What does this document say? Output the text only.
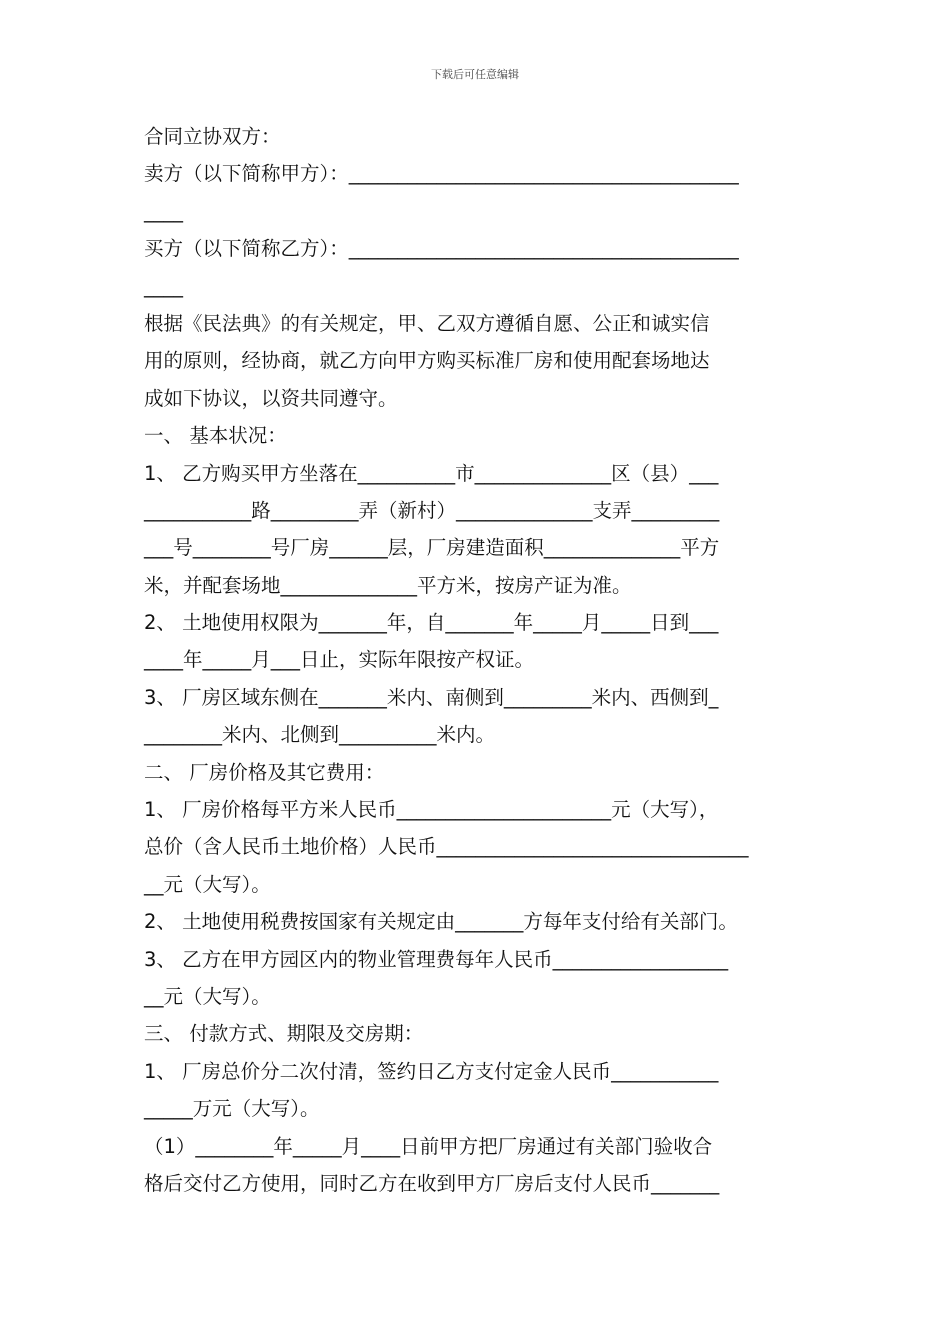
下载后可任意编辑
合同立协双方：
卖方（以下简称甲方）：________________________________________
____
买方（以下简称乙方）：________________________________________
____
根据《民法典》的有关规定，甲、乙双方遵循自愿、公正和诚实信
用的原则，经协商，就乙方向甲方购买标准厂房和使用配套场地达
成如下协议，以资共同遵守。
一、 基本状况：
1、 乙方购买甲方坐落在__________市______________区（县）___
___________路_________弄（新村）______________支弄_________
___号________号厂房______层，厂房建造面积______________平方
米，并配套场地______________平方米，按房产证为准。
2、 土地使用权限为_______年，自_______年_____月_____日到___
____年_____月___日止，实际年限按产权证。
3、 厂房区域东侧在_______米内、南侧到_________米内、西侧到_
________米内、北侧到__________米内。
二、 厂房价格及其它费用：
1、 厂房价格每平方米人民币______________________元（大写），
总价（含人民币土地价格）人民币________________________________
__元（大写）。
2、 土地使用税费按国家有关规定由_______方每年支付给有关部门。
3、 乙方在甲方园区内的物业管理费每年人民币__________________
__元（大写）。
三、 付款方式、期限及交房期：
1、 厂房总价分二次付清，签约日乙方支付定金人民币___________
_____万元（大写）。
（1）________年_____月____日前甲方把厂房通过有关部门验收合
格后交付乙方使用，同时乙方在收到甲方厂房后支付人民币_______
